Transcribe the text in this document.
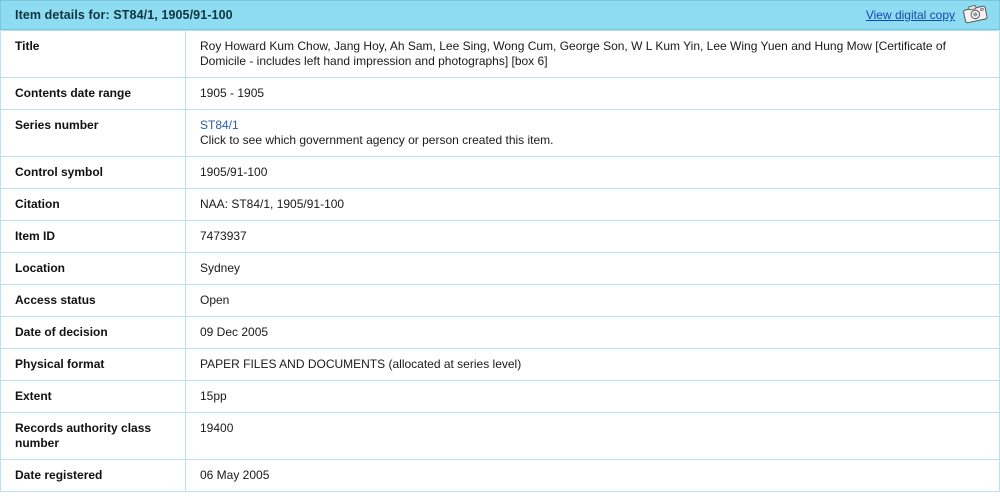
Item details for: ST84/1, 1905/91-100	View digital copy
Title	Roy Howard Kum Chow, Jang Hoy, Ah Sam, Lee Sing, Wong Cum, George Son, W L Kum Yin, Lee Wing Yuen and Hung Mow [Certificate of Domicile - includes left hand impression and photographs] [box 6]
Contents date range	1905 - 1905
Series number	ST84/1
Click to see which government agency or person created this item.

Control symbol	1905/91-100
Citation	NAA: ST84/1, 1905/91-100
Item ID	7473937
Location	Sydney
Access status	Open
Date of decision	09 Dec 2005
Physical format	PAPER FILES AND DOCUMENTS (allocated at series level)
Extent	15pp
Records authority class number	19400
Date registered	06 May 2005
